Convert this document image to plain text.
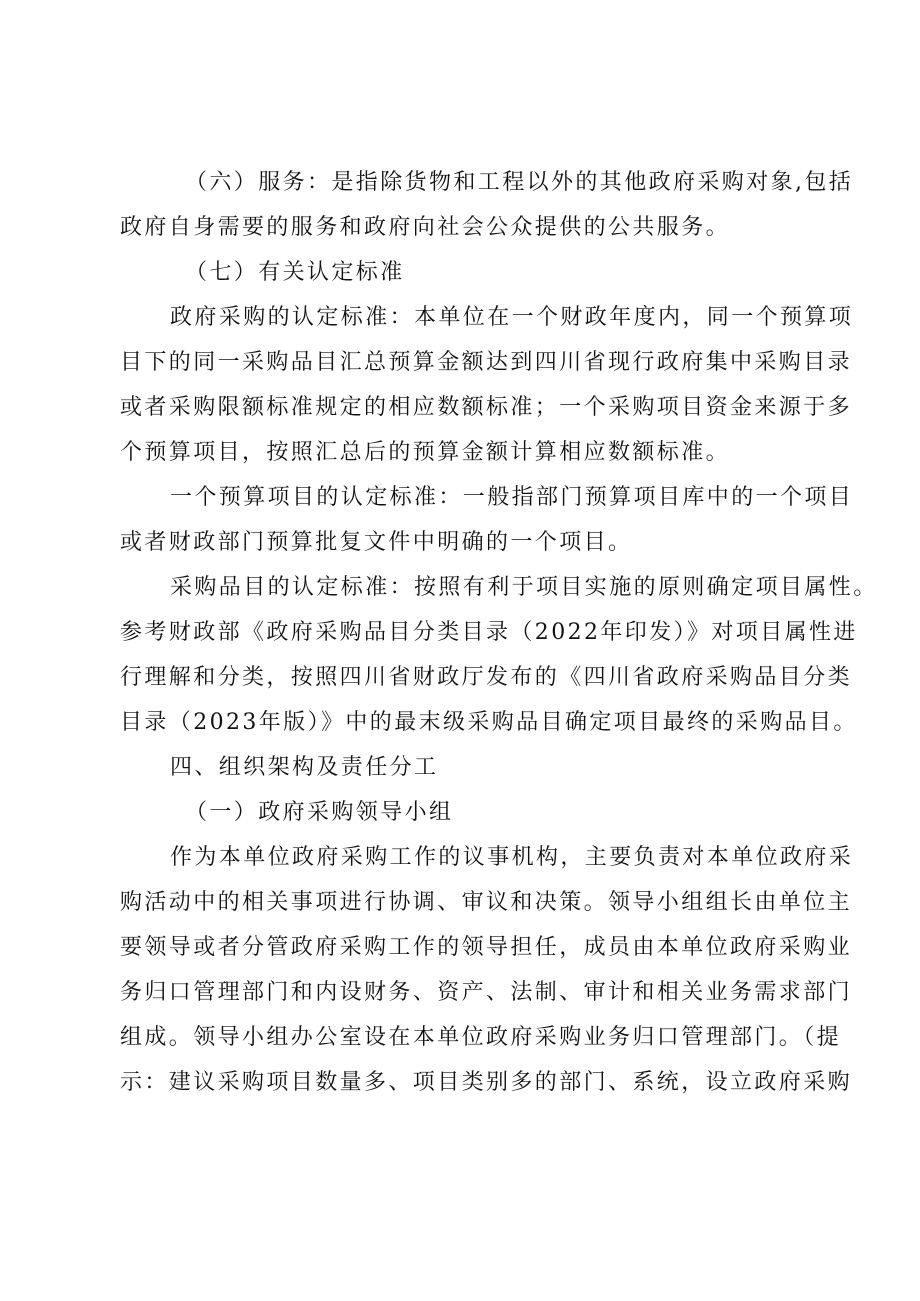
（六）服务：是指除货物和工程以外的其他政府采购对象,包括
政府自身需要的服务和政府向社会公众提供的公共服务。
（七）有关认定标准
政府采购的认定标准：本单位在一个财政年度内，同一个预算项
目下的同一采购品目汇总预算金额达到四川省现行政府集中采购目录
或者采购限额标准规定的相应数额标准；一个采购项目资金来源于多
个预算项目，按照汇总后的预算金额计算相应数额标准。
一个预算项目的认定标准：一般指部门预算项目库中的一个项目
或者财政部门预算批复文件中明确的一个项目。
采购品目的认定标准：按照有利于项目实施的原则确定项目属性。
参考财政部《政府采购品目分类目录（2022年印发）》对项目属性进
行理解和分类，按照四川省财政厅发布的《四川省政府采购品目分类
目录（2023年版）》中的最末级采购品目确定项目最终的采购品目。
四、组织架构及责任分工
（一）政府采购领导小组
作为本单位政府采购工作的议事机构，主要负责对本单位政府采
购活动中的相关事项进行协调、审议和决策。领导小组组长由单位主
要领导或者分管政府采购工作的领导担任，成员由本单位政府采购业
务归口管理部门和内设财务、资产、法制、审计和相关业务需求部门
组成。领导小组办公室设在本单位政府采购业务归口管理部门。（提
示：建议采购项目数量多、项目类别多的部门、系统，设立政府采购
